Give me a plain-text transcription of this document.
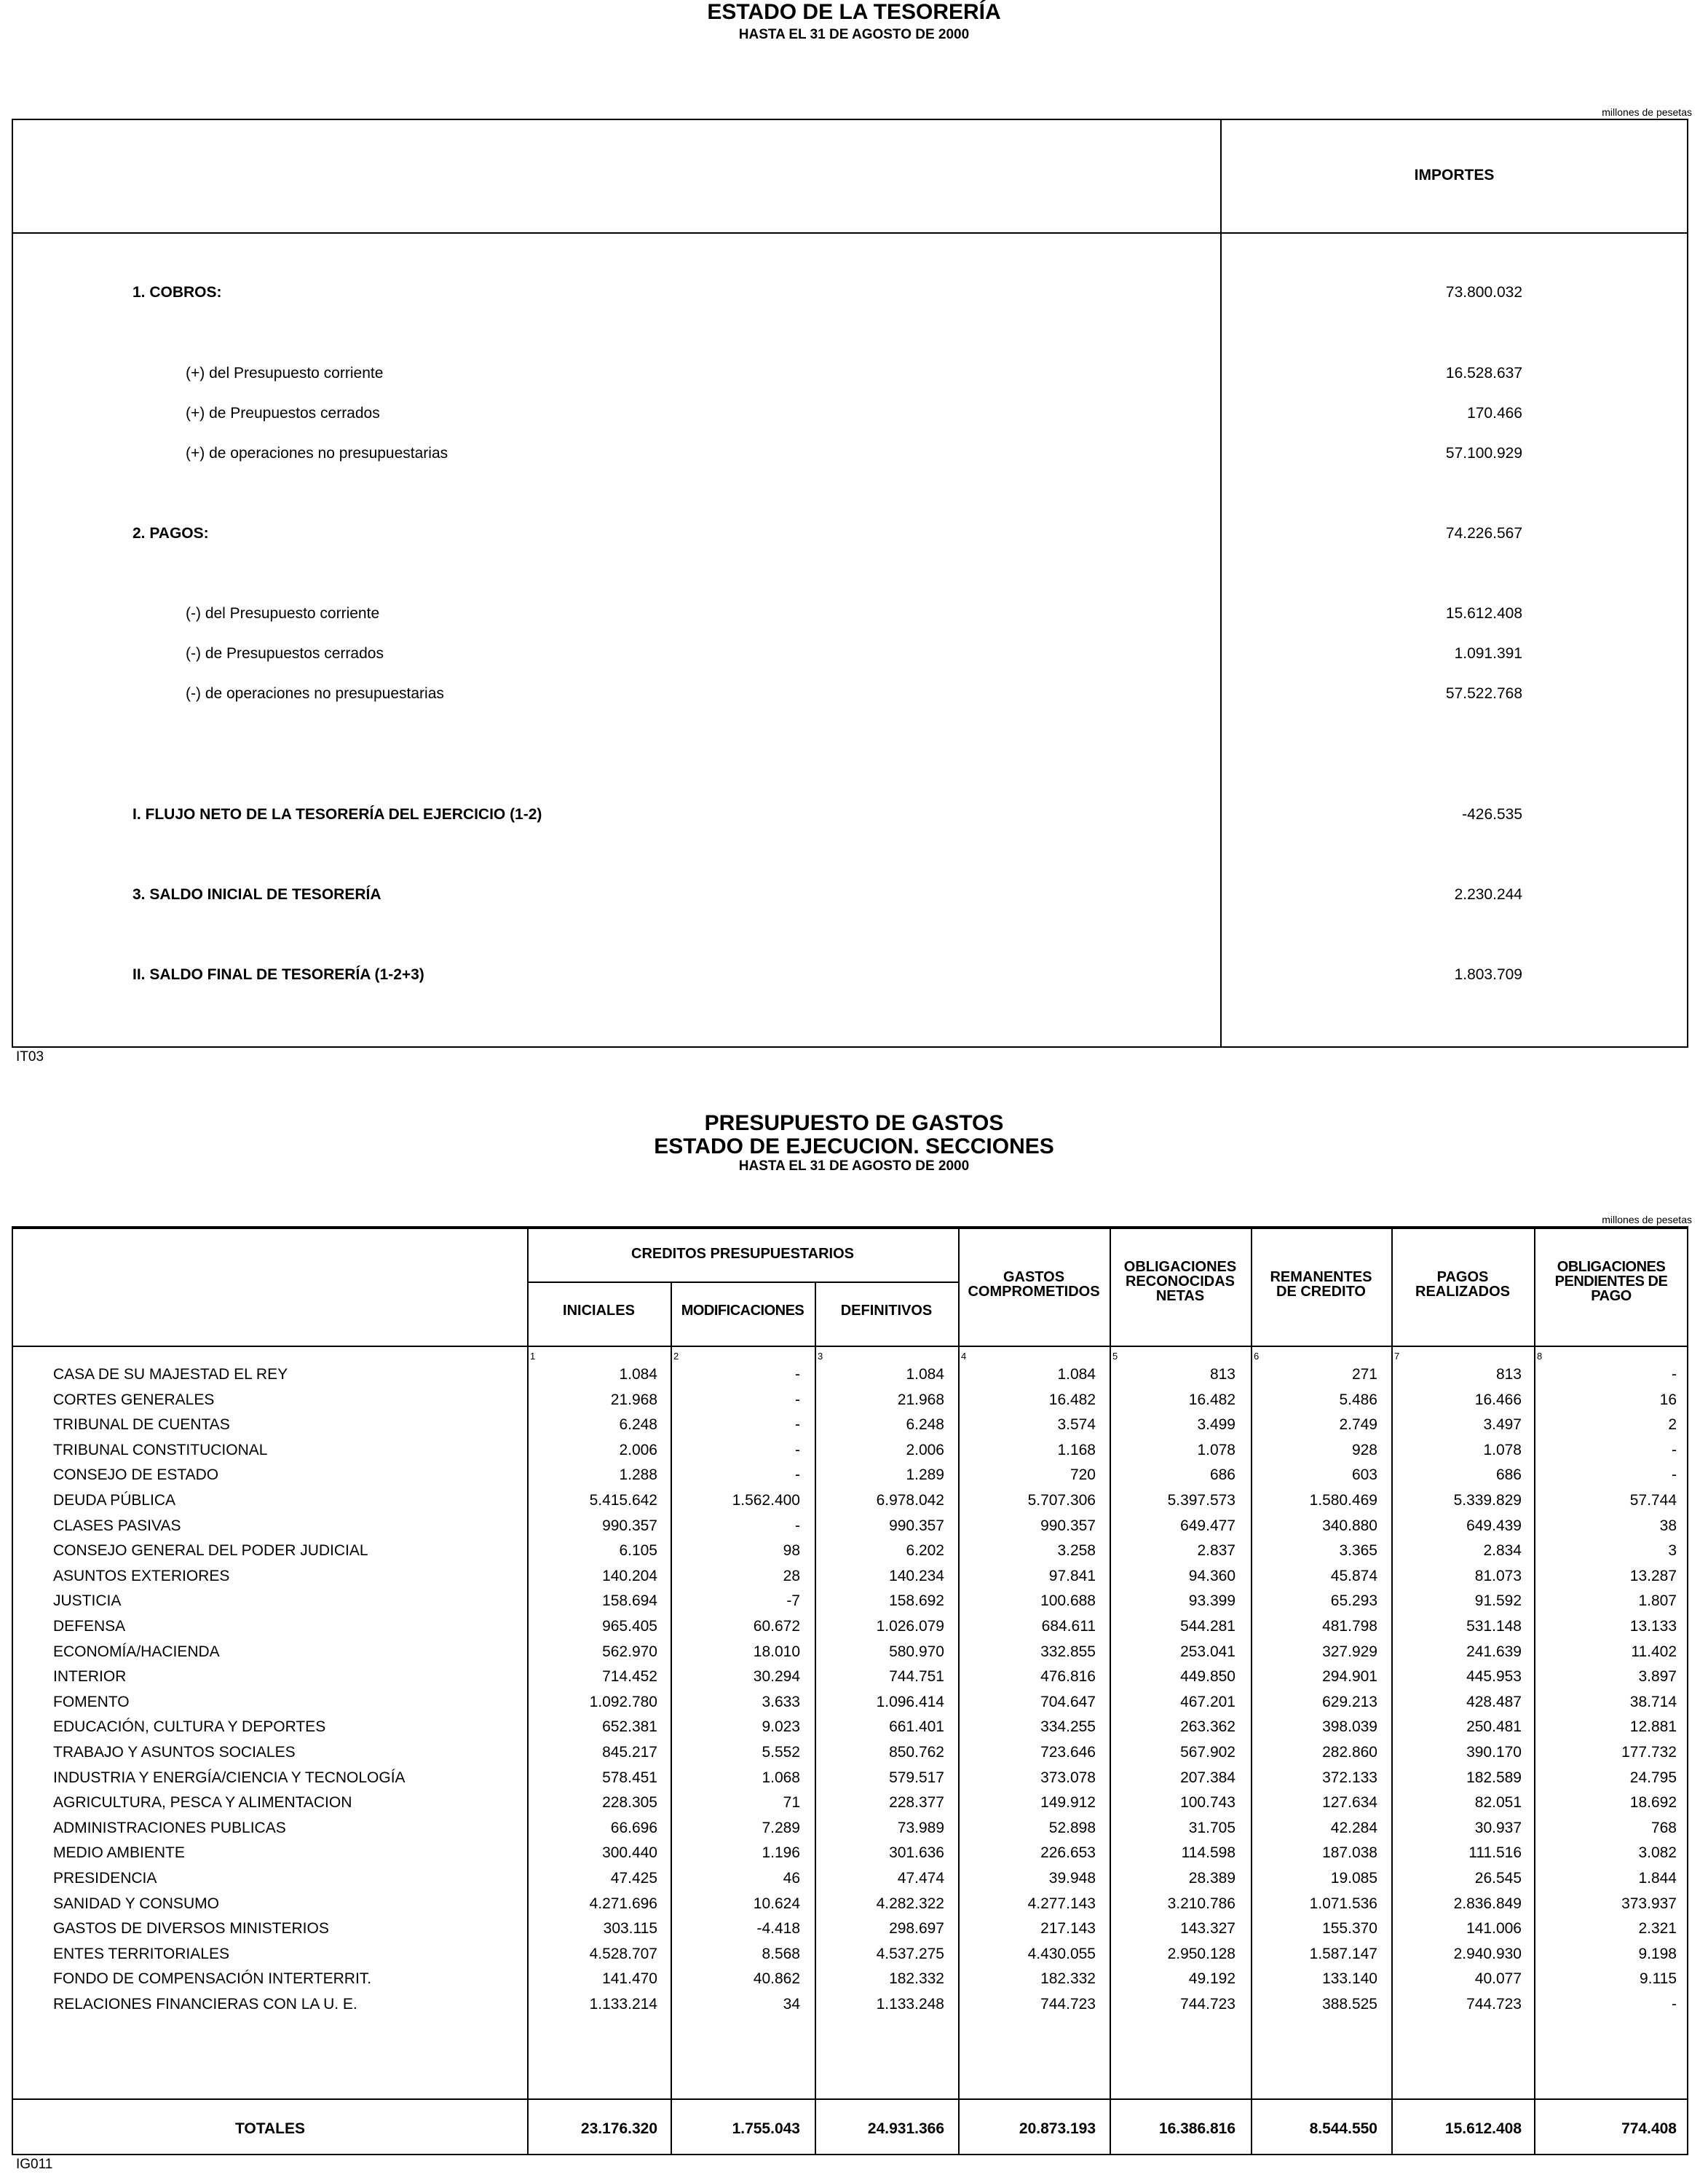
ESTADO DE LA TESORERÍA
HASTA EL 31 DE AGOSTO DE 2000
millones de pesetas
IMPORTES
1. COBROS:	73.800.032
(+) del Presupuesto corriente	16.528.637
(+) de Preupuestos cerrados	170.466
(+) de operaciones no presupuestarias	57.100.929
2. PAGOS:	74.226.567
(-) del Presupuesto corriente	15.612.408
(-) de Presupuestos cerrados	1.091.391
(-) de operaciones no presupuestarias	57.522.768
I. FLUJO NETO DE LA TESORERÍA DEL EJERCICIO (1-2)	-426.535
3. SALDO INICIAL DE TESORERÍA	2.230.244
II. SALDO FINAL DE TESORERÍA (1-2+3)	1.803.709
IT03
PRESUPUESTO DE GASTOS
ESTADO DE EJECUCION. SECCIONES
HASTA EL 31 DE AGOSTO DE 2000
millones de pesetas
CREDITOS PRESUPUESTARIOS
INICIALES	MODIFICACIONES	DEFINITIVOS
GASTOS
COMPROMETIDOS
OBLIGACIONES
RECONOCIDAS
NETAS
REMANENTES
DE CREDITO
PAGOS
REALIZADOS
OBLIGACIONES
PENDIENTES DE
PAGO
1	2	3	4	5	6	7	8
CASA DE SU MAJESTAD EL REY	1.084	-	1.084	1.084	813	271	813	-
CORTES GENERALES	21.968	-	21.968	16.482	16.482	5.486	16.466	16
TRIBUNAL DE CUENTAS	6.248	-	6.248	3.574	3.499	2.749	3.497	2
TRIBUNAL CONSTITUCIONAL	2.006	-	2.006	1.168	1.078	928	1.078	-
CONSEJO DE ESTADO	1.288	-	1.289	720	686	603	686	-
DEUDA PÚBLICA	5.415.642	1.562.400	6.978.042	5.707.306	5.397.573	1.580.469	5.339.829	57.744
CLASES PASIVAS	990.357	-	990.357	990.357	649.477	340.880	649.439	38
CONSEJO GENERAL DEL PODER JUDICIAL	6.105	98	6.202	3.258	2.837	3.365	2.834	3
ASUNTOS EXTERIORES	140.204	28	140.234	97.841	94.360	45.874	81.073	13.287
JUSTICIA	158.694	-7	158.692	100.688	93.399	65.293	91.592	1.807
DEFENSA	965.405	60.672	1.026.079	684.611	544.281	481.798	531.148	13.133
ECONOMÍA/HACIENDA	562.970	18.010	580.970	332.855	253.041	327.929	241.639	11.402
INTERIOR	714.452	30.294	744.751	476.816	449.850	294.901	445.953	3.897
FOMENTO	1.092.780	3.633	1.096.414	704.647	467.201	629.213	428.487	38.714
EDUCACIÓN, CULTURA Y DEPORTES	652.381	9.023	661.401	334.255	263.362	398.039	250.481	12.881
TRABAJO Y ASUNTOS SOCIALES	845.217	5.552	850.762	723.646	567.902	282.860	390.170	177.732
INDUSTRIA Y ENERGÍA/CIENCIA Y TECNOLOGÍA	578.451	1.068	579.517	373.078	207.384	372.133	182.589	24.795
AGRICULTURA, PESCA Y ALIMENTACION	228.305	71	228.377	149.912	100.743	127.634	82.051	18.692
ADMINISTRACIONES PUBLICAS	66.696	7.289	73.989	52.898	31.705	42.284	30.937	768
MEDIO AMBIENTE	300.440	1.196	301.636	226.653	114.598	187.038	111.516	3.082
PRESIDENCIA	47.425	46	47.474	39.948	28.389	19.085	26.545	1.844
SANIDAD Y CONSUMO	4.271.696	10.624	4.282.322	4.277.143	3.210.786	1.071.536	2.836.849	373.937
GASTOS DE DIVERSOS MINISTERIOS	303.115	-4.418	298.697	217.143	143.327	155.370	141.006	2.321
ENTES TERRITORIALES	4.528.707	8.568	4.537.275	4.430.055	2.950.128	1.587.147	2.940.930	9.198
FONDO DE COMPENSACIÓN INTERTERRIT.	141.470	40.862	182.332	182.332	49.192	133.140	40.077	9.115
RELACIONES FINANCIERAS CON LA U. E.	1.133.214	34	1.133.248	744.723	744.723	388.525	744.723	-
TOTALES	23.176.320	1.755.043	24.931.366	20.873.193	16.386.816	8.544.550	15.612.408	774.408
IG011
